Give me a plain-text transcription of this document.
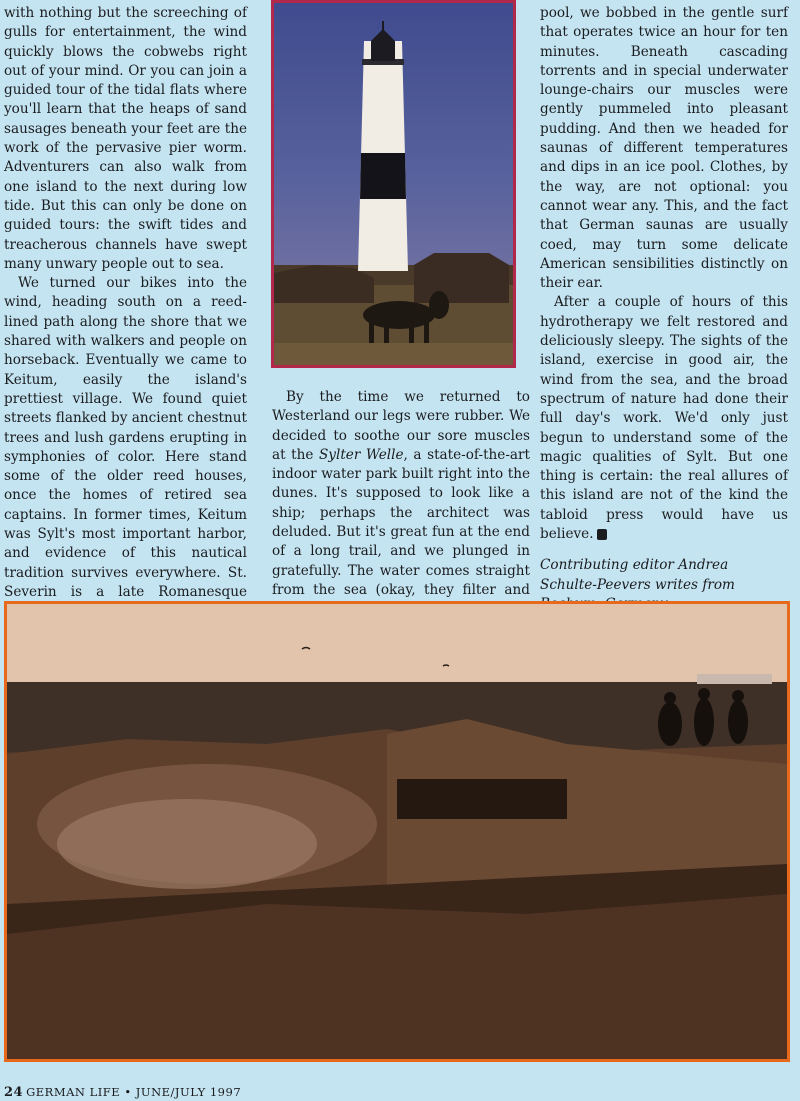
with nothing but the screeching of gulls for entertainment, the wind quickly blows the cobwebs right out of your mind. Or you can join a guided tour of the tidal flats where you'll learn that the heaps of sand sausages beneath your feet are the work of the pervasive pier worm. Adventurers can also walk from one island to the next during low tide. But this can only be done on guided tours: the swift tides and treacherous channels have swept many unwary people out to sea.

We turned our bikes into the wind, heading south on a reed-lined path along the shore that we shared with walkers and people on horseback. Eventually we came to Keitum, easily the island's prettiest village. We found quiet streets flanked by ancient chestnut trees and lush gardens erupting in symphonies of color. Here stand some of the older reed houses, once the homes of retired sea captains. In former times, Keitum was Sylt's most important harbor, and evidence of this nautical tradition survives everywhere. St. Severin is a late Romanesque

By the time we returned to Westerland our legs were rubber. We decided to soothe our sore muscles at the Sylter Welle, a state-of-the-art indoor water park built right into the dunes. It's supposed to look like a ship; perhaps the architect was deluded. But it's great fun at the end of a long trail, and we plunged in gratefully. The water comes straight from the sea (okay, they filter and

pool, we bobbed in the gentle surf that operates twice an hour for ten minutes. Beneath cascading torrents and in special underwater lounge-chairs our muscles were gently pummeled into pleasant pudding. And then we headed for saunas of different temperatures and dips in an ice pool. Clothes, by the way, are not optional: you cannot wear any. This, and the fact that German saunas are usually coed, may turn some delicate American sensibilities distinctly on their ear.

After a couple of hours of this hydrotherapy we felt restored and deliciously sleepy. The sights of the island, exercise in good air, the wind from the sea, and the broad spectrum of nature had done their full day's work. We'd only just begun to understand some of the magic qualities of Sylt. But one thing is certain: the real allures of this island are not of the kind the tabloid press would have us believe.

Contributing editor Andrea Schulte-Peevers writes from

24 GERMAN LIFE • JUNE/JULY 1997
